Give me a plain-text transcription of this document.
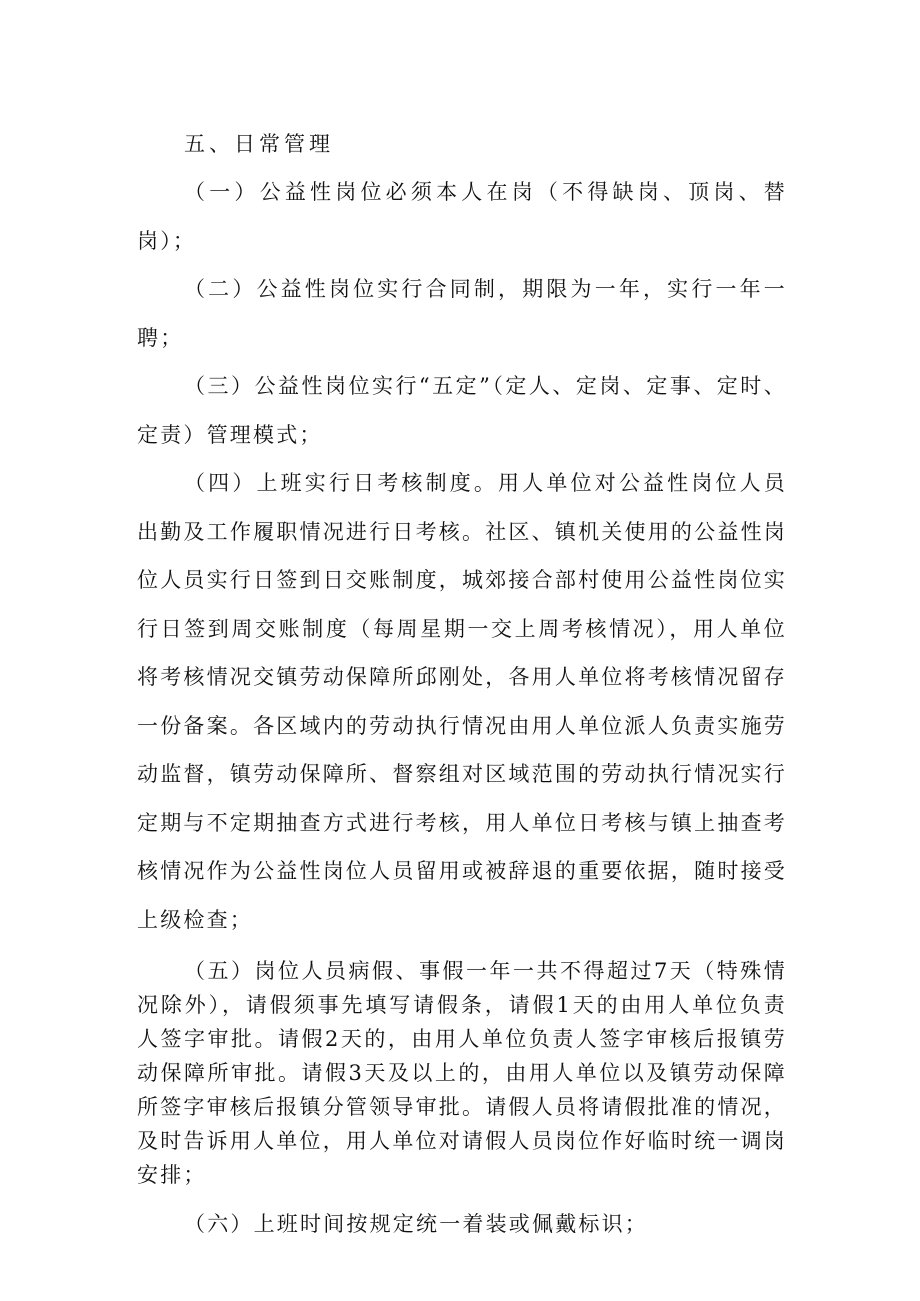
五、日常管理

（一）公益性岗位必须本人在岗（不得缺岗、顶岗、替岗）；

（二）公益性岗位实行合同制，期限为一年，实行一年一聘；

（三）公益性岗位实行“五定”（定人、定岗、定事、定时、定责）管理模式；

（四）上班实行日考核制度。用人单位对公益性岗位人员出勤及工作履职情况进行日考核。社区、镇机关使用的公益性岗位人员实行日签到日交账制度，城郊接合部村使用公益性岗位实行日签到周交账制度（每周星期一交上周考核情况），用人单位将考核情况交镇劳动保障所邱刚处，各用人单位将考核情况留存一份备案。各区域内的劳动执行情况由用人单位派人负责实施劳动监督，镇劳动保障所、督察组对区域范围的劳动执行情况实行定期与不定期抽查方式进行考核，用人单位日考核与镇上抽查考核情况作为公益性岗位人员留用或被辞退的重要依据，随时接受上级检查；

（五）岗位人员病假、事假一年一共不得超过7天（特殊情况除外），请假须事先填写请假条，请假1天的由用人单位负责人签字审批。请假2天的，由用人单位负责人签字审核后报镇劳动保障所审批。请假3天及以上的，由用人单位以及镇劳动保障所签字审核后报镇分管领导审批。请假人员将请假批准的情况，及时告诉用人单位，用人单位对请假人员岗位作好临时统一调岗安排；

（六）上班时间按规定统一着装或佩戴标识；
